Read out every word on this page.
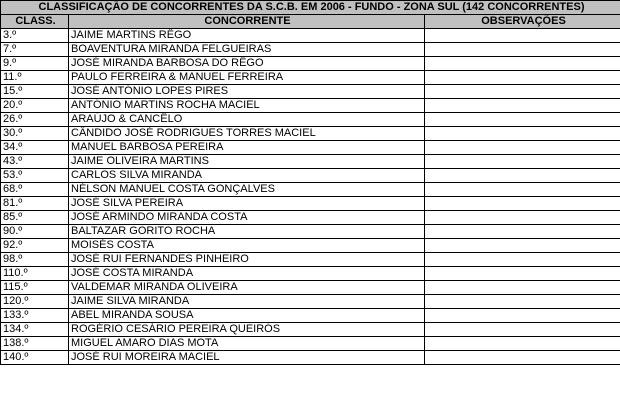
CLASSIFICAÇÃO DE CONCORRENTES DA S.C.B. EM 2006 - FUNDO - ZONA SUL (142 CONCORRENTES)		
CLASS.	CONCORRENTE	OBSERVAÇÕES
3.º	JAIME MARTINS RÊGO	
7.º	BOAVENTURA MIRANDA FELGUEIRAS	
9.º	JOSÉ MIRANDA BARBOSA DO RÊGO	
11.º	PAULO FERREIRA & MANUEL FERREIRA	
15.º	JOSÉ ANTÓNIO LOPES PIRES	
20.º	ANTÓNIO MARTINS ROCHA MACIEL	
26.º	ARAÚJO & CANCÊLO	
30.º	CÂNDIDO JOSÉ RODRIGUES TORRES MACIEL	
34.º	MANUEL BARBOSA PEREIRA	
43.º	JAIME OLIVEIRA MARTINS	
53.º	CARLOS SILVA MIRANDA	
68.º	NÉLSON MANUEL COSTA GONÇALVES	
81.º	JOSÉ SILVA PEREIRA	
85.º	JOSÉ ARMINDO MIRANDA COSTA	
90.º	BALTAZAR GORITO ROCHA	
92.º	MOISÉS COSTA	
98.º	JOSÉ RUI FERNANDES PINHEIRO	
110.º	JOSÉ COSTA MIRANDA	
115.º	VALDEMAR MIRANDA OLIVEIRA	
120.º	JAIME SILVA MIRANDA	
133.º	ABEL MIRANDA SOUSA	
134.º	ROGÉRIO CESÁRIO PEREIRA QUEIRÓS	
138.º	MIGUEL AMARO DIAS MOTA	
140.º	JOSÉ RUI MOREIRA MACIEL	
